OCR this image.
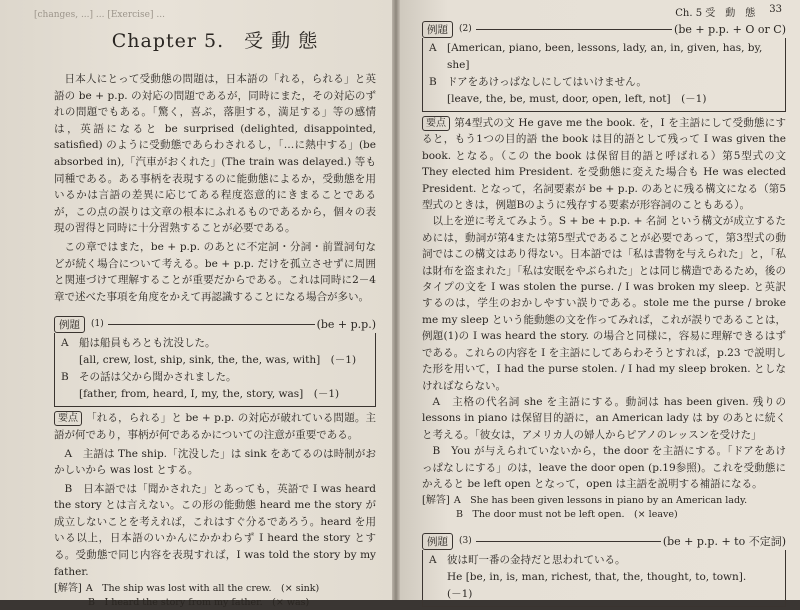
[changes, ...] ... [Exercise] ...
Chapter 5.　受 動 態

日本人にとって受動態の問題は，日本語の「れる，られる」と英語の be + p.p. の対応の問題であるが，同時にまた，その対応のずれの問題でもある。「驚く，喜ぶ，落胆する，満足する」等の感情は，英語になると be surprised (delighted, disappointed, satisfied) のように受動態であらわされるし，「…に熱中する」(be absorbed in),「汽車がおくれた」(The train was delayed.) 等も同種である。ある事柄を表現するのに能動態によるか，受動態を用いるかは言語の差異に応じてある程度恣意的にきまることであるが，この点の誤りは文章の根本にふれるものであるから，個々の表現の習得と同時に十分習熟することが必要である。

この章ではまた，be + p.p. のあとに不定詞・分詞・前置詞句などが続く場合について考える。be + p.p. だけを孤立させずに周囲と関連づけて理解することが重要だからである。これは同時に2－4章で述べた事項を角度をかえて再認識することになる場合が多い。

例題	(1)	(be + p.p.)
A 船は船員もろとも沈没した。
[all, crew, lost, ship, sink, the, the, was, with]　(－1)
B その話は父から聞かされました。
[father, from, heard, I, my, the, story, was]　(－1)

要点 「れる，られる」と be + p.p. の対応が破れている問題。主語が何であり，事柄が何であるかについての注意が重要である。

A　主語は The ship.「沈没した」は sink をあてるのは時制がおかしいから was lost とする。

B　日本語では「聞かされた」とあっても，英語で I was heard the story とは言えない。この形の能動態 heard me the story が成立しないことを考えれば，これはすぐ分るであろう。heard を用いる以上，日本語のいかんにかかわらず I heard the story とする。受動態で同じ内容を表現すれば，I was told the story by my father.

[解答] A　The ship was lost with all the crew.　(× sink)
B　I heard the story from my father.　(× was)
Ch. 5 受　動　態 33
例題	(2)	(be + p.p. + O or C)
A [American, piano, been, lessons, lady, an, in, given, has, by, she]
B ドアをあけっぱなしにしてはいけません。
[leave, the, be, must, door, open, left, not]　(－1)

要点 第4型式の文 He gave me the book. を，I を主語にして受動態にすると，もう1つの目的語 the book は目的語として残って I was given the book. となる。（この the book は保留目的語と呼ばれる）第5型式の文 They elected him President. を受動態に変えた場合も He was elected President. となって，名詞要素が be + p.p. のあとに残る構文になる（第5型式のときは，例題Bのように残存する要素が形容詞のこともある）。

以上を逆に考えてみよう。S + be + p.p. + 名詞 という構文が成立するためには，動詞が第4または第5型式であることが必要であって，第3型式の動詞ではこの構文はあり得ない。日本語では「私は書物を与えられた」と，「私は財布を盗まれた」「私は安眠をやぶられた」とは同じ構造であるため，後のタイプの文を I was stolen the purse. / I was broken my sleep. と英訳するのは，学生のおかしやすい誤りである。stole me the purse / broke me my sleep という能動態の文を作ってみれば，これが誤りであることは，例題(1)の I was heard the story. の場合と同様に，容易に理解できるはずである。これらの内容を I を主語にしてあらわそうとすれば，p.23 で説明した形を用いて，I had the purse stolen. / I had my sleep broken. としなければならない。

A　主格の代名詞 she を主語にする。動詞は has been given. 残りの lessons in piano は保留目的語に，an American lady は by のあとに続くと考える。「彼女は，アメリカ人の婦人からピアノのレッスンを受けた」

B　You が与えられていないから，the door を主語にする。「ドアをあけっぱなしにする」のは，leave the door open (p.19参照)。これを受動態にかえると be left open となって，open は主語を説明する補語になる。

[解答] A　She has been given lessons in piano by an American lady.
B　The door must not be left open.　(× leave)
例題	(3)	(be + p.p. + to 不定詞)
A 彼は町一番の金持だと思われている。
He [be, in, is, man, richest, that, the, thought, to, town].
(－1)
